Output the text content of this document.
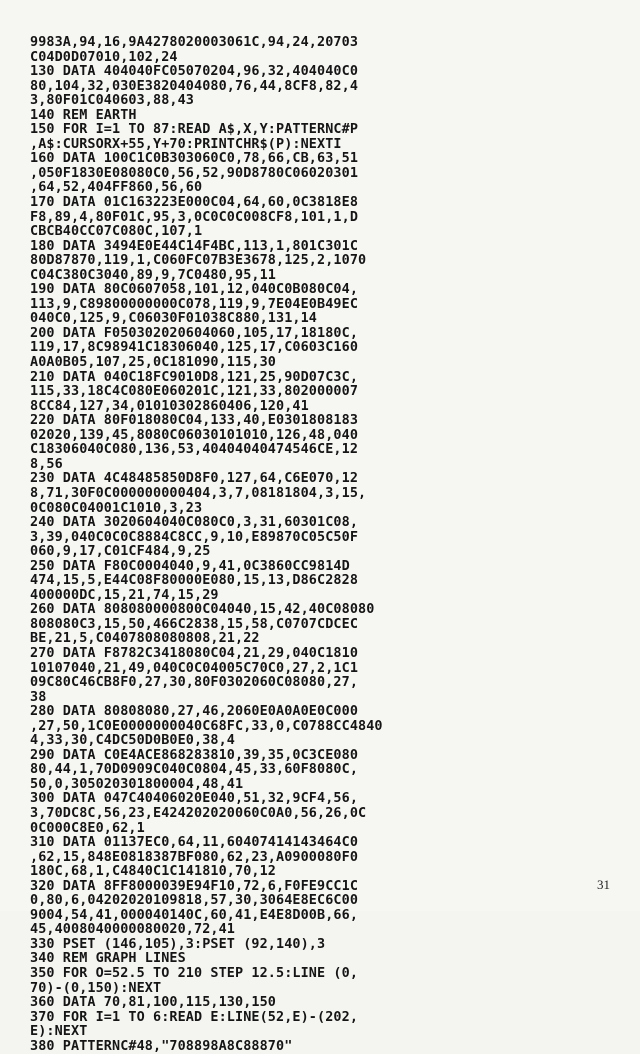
9983A,94,16,9A4278020003061C,94,24,20703
C04D0D07010,102,24
130 DATA 404040FC05070204,96,32,404040C0
80,104,32,030E3820404080,76,44,8CF8,82,4
3,80F01C040603,88,43
140 REM EARTH
150 FOR I=1 TO 87:READ A$,X,Y:PATTERNC#P
,A$:CURSORX+55,Y+70:PRINTCHR$(P):NEXTI
160 DATA 100C1C0B303060C0,78,66,CB,63,51
,050F1830E08080C0,56,52,90D8780C06020301
,64,52,404FF860,56,60
170 DATA 01C163223E000C04,64,60,0C3818E8
F8,89,4,80F01C,95,3,0C0C0C008CF8,101,1,D
CBCB40CC07C080C,107,1
180 DATA 3494E0E44C14F4BC,113,1,801C301C
80D87870,119,1,C060FC07B3E3678,125,2,1070
C04C380C3040,89,9,7C0480,95,11
190 DATA 80C0607058,101,12,040C0B080C04,
113,9,C89800000000C078,119,9,7E04E0B49EC
040C0,125,9,C06030F01038C880,131,14
200 DATA F050302020604060,105,17,18180C,
119,17,8C98941C18306040,125,17,C0603C160
A0A0B05,107,25,0C181090,115,30
210 DATA 040C18FC9010D8,121,25,90D07C3C,
115,33,18C4C080E060201C,121,33,802000007
8CC84,127,34,01010302860406,120,41
220 DATA 80F018080C04,133,40,E0301808183
02020,139,45,8080C06030101010,126,48,040
C18306040C080,136,53,40404040474546CE,12
8,56
230 DATA 4C48485850D8F0,127,64,C6E070,12
8,71,30F0C000000000404,3,7,08181804,3,15,
0C080C04001C1010,3,23
240 DATA 3020604040C080C0,3,31,60301C08,
3,39,040C0C0C8884C8CC,9,10,E89870C05C50F
060,9,17,C01CF484,9,25
250 DATA F80C0004040,9,41,0C3860CC9814D
474,15,5,E44C08F80000E080,15,13,D86C2828
400000DC,15,21,74,15,29
260 DATA 808080000800C04040,15,42,40C08080
808080C3,15,50,466C2838,15,58,C0707CDCEC
BE,21,5,C0407808080808,21,22
270 DATA F8782C3418080C04,21,29,040C1810
10107040,21,49,040C0C04005C70C0,27,2,1C1
09C80C46CB8F0,27,30,80F0302060C08080,27,
38
280 DATA 80808080,27,46,2060E0A0A0E0C000
,27,50,1C0E0000000040C68FC,33,0,C0788CC4840
4,33,30,C4DC50D0B0E0,38,4
290 DATA C0E4ACE868283810,39,35,0C3CE080
80,44,1,70D0909C040C0804,45,33,60F8080C,
50,0,305020301800004,48,41
300 DATA 047C40406020E040,51,32,9CF4,56,
3,70DC8C,56,23,E424202020060C0A0,56,26,0C
0C000C8E0,62,1
310 DATA 01137EC0,64,11,60407414143464C0
,62,15,848E0818387BF080,62,23,A0900080F0
180C,68,1,C4840C1C141810,70,12
320 DATA 8FF8000039E94F10,72,6,F0FE9CC1C
0,80,6,04202020109818,57,30,3064E8EC6C00
9004,54,41,000040140C,60,41,E4E8D00B,66,
45,4008040000080020,72,41
330 PSET (146,105),3:PSET (92,140),3
340 REM GRAPH LINES
350 FOR O=52.5 TO 210 STEP 12.5:LINE (0,
70)-(0,150):NEXT
360 DATA 70,81,100,115,130,150
370 FOR I=1 TO 6:READ E:LINE(52,E)-(202,
E):NEXT
380 PATTERNC#48,"708898A8C88870"
31
